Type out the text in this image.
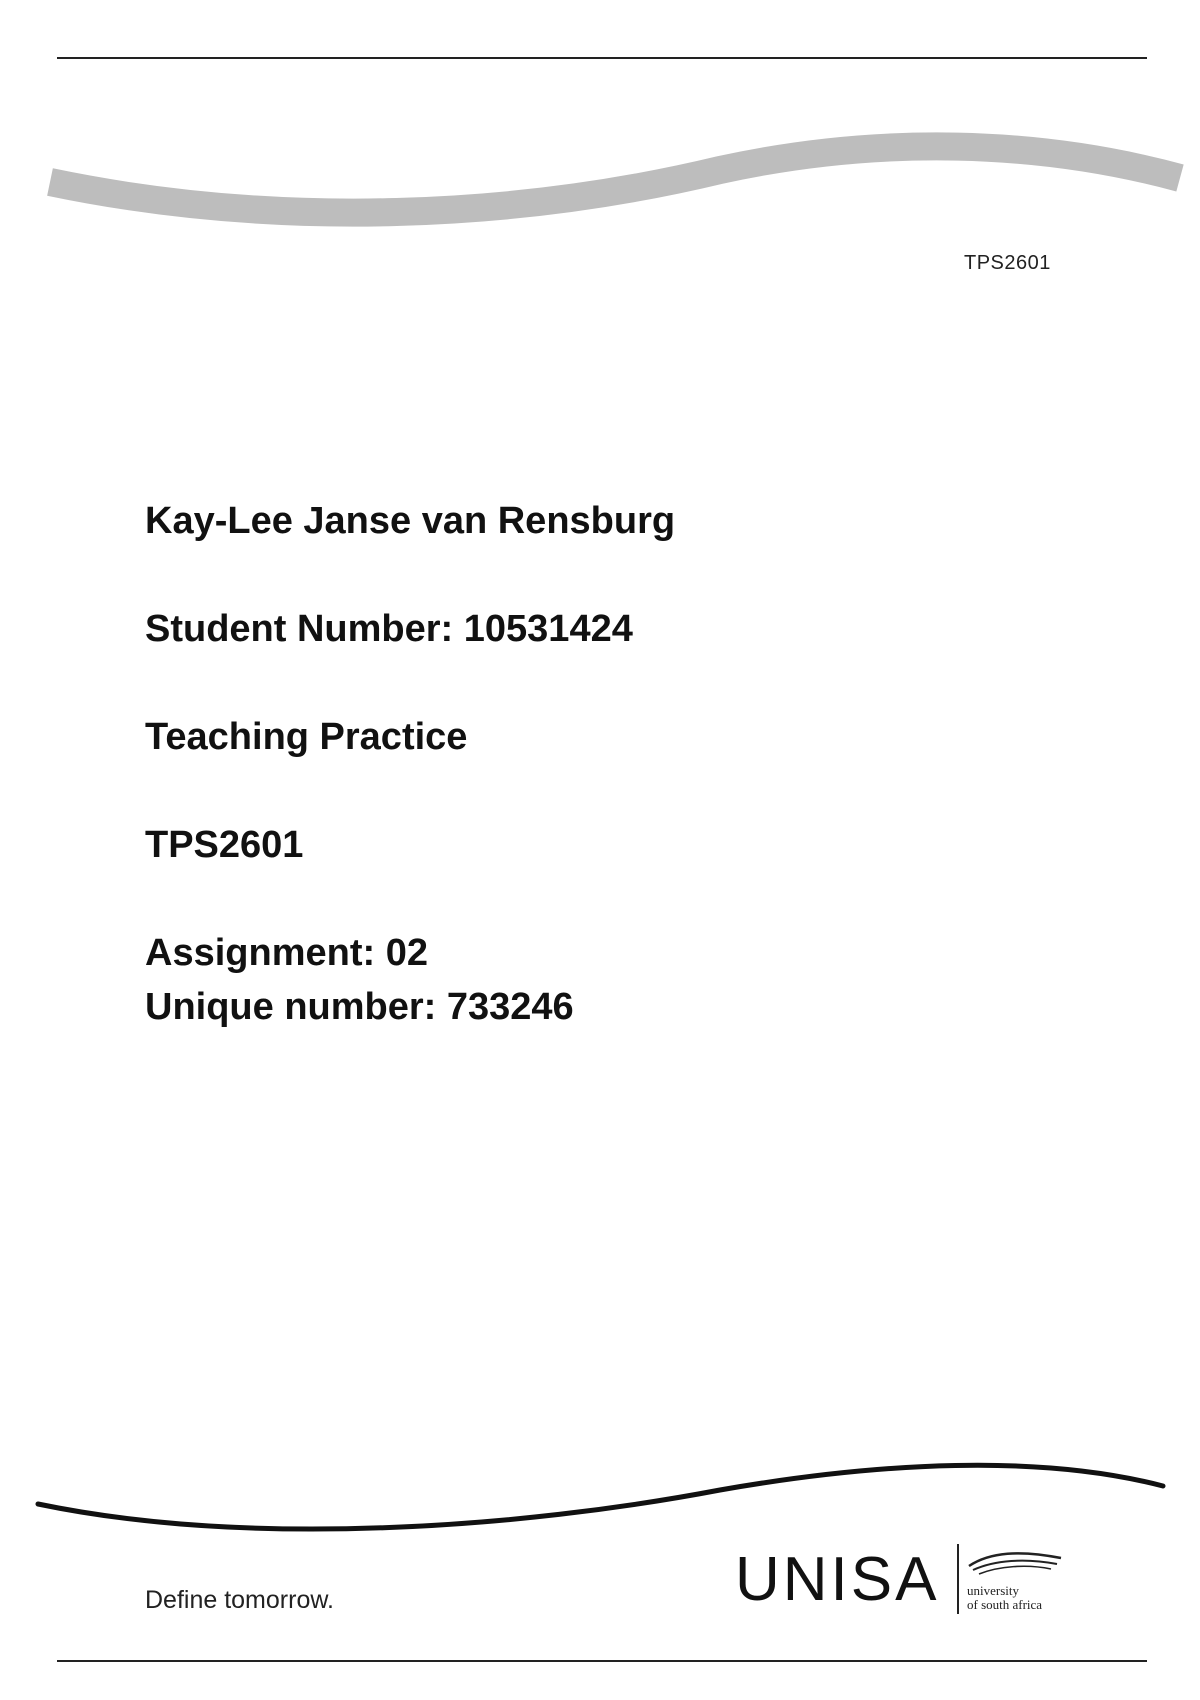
TPS2601
Kay-Lee Janse van Rensburg
Student Number: 10531424
Teaching Practice
TPS2601
Assignment: 02
Unique number: 733246
Define tomorrow.	UNISA university
of south africa
